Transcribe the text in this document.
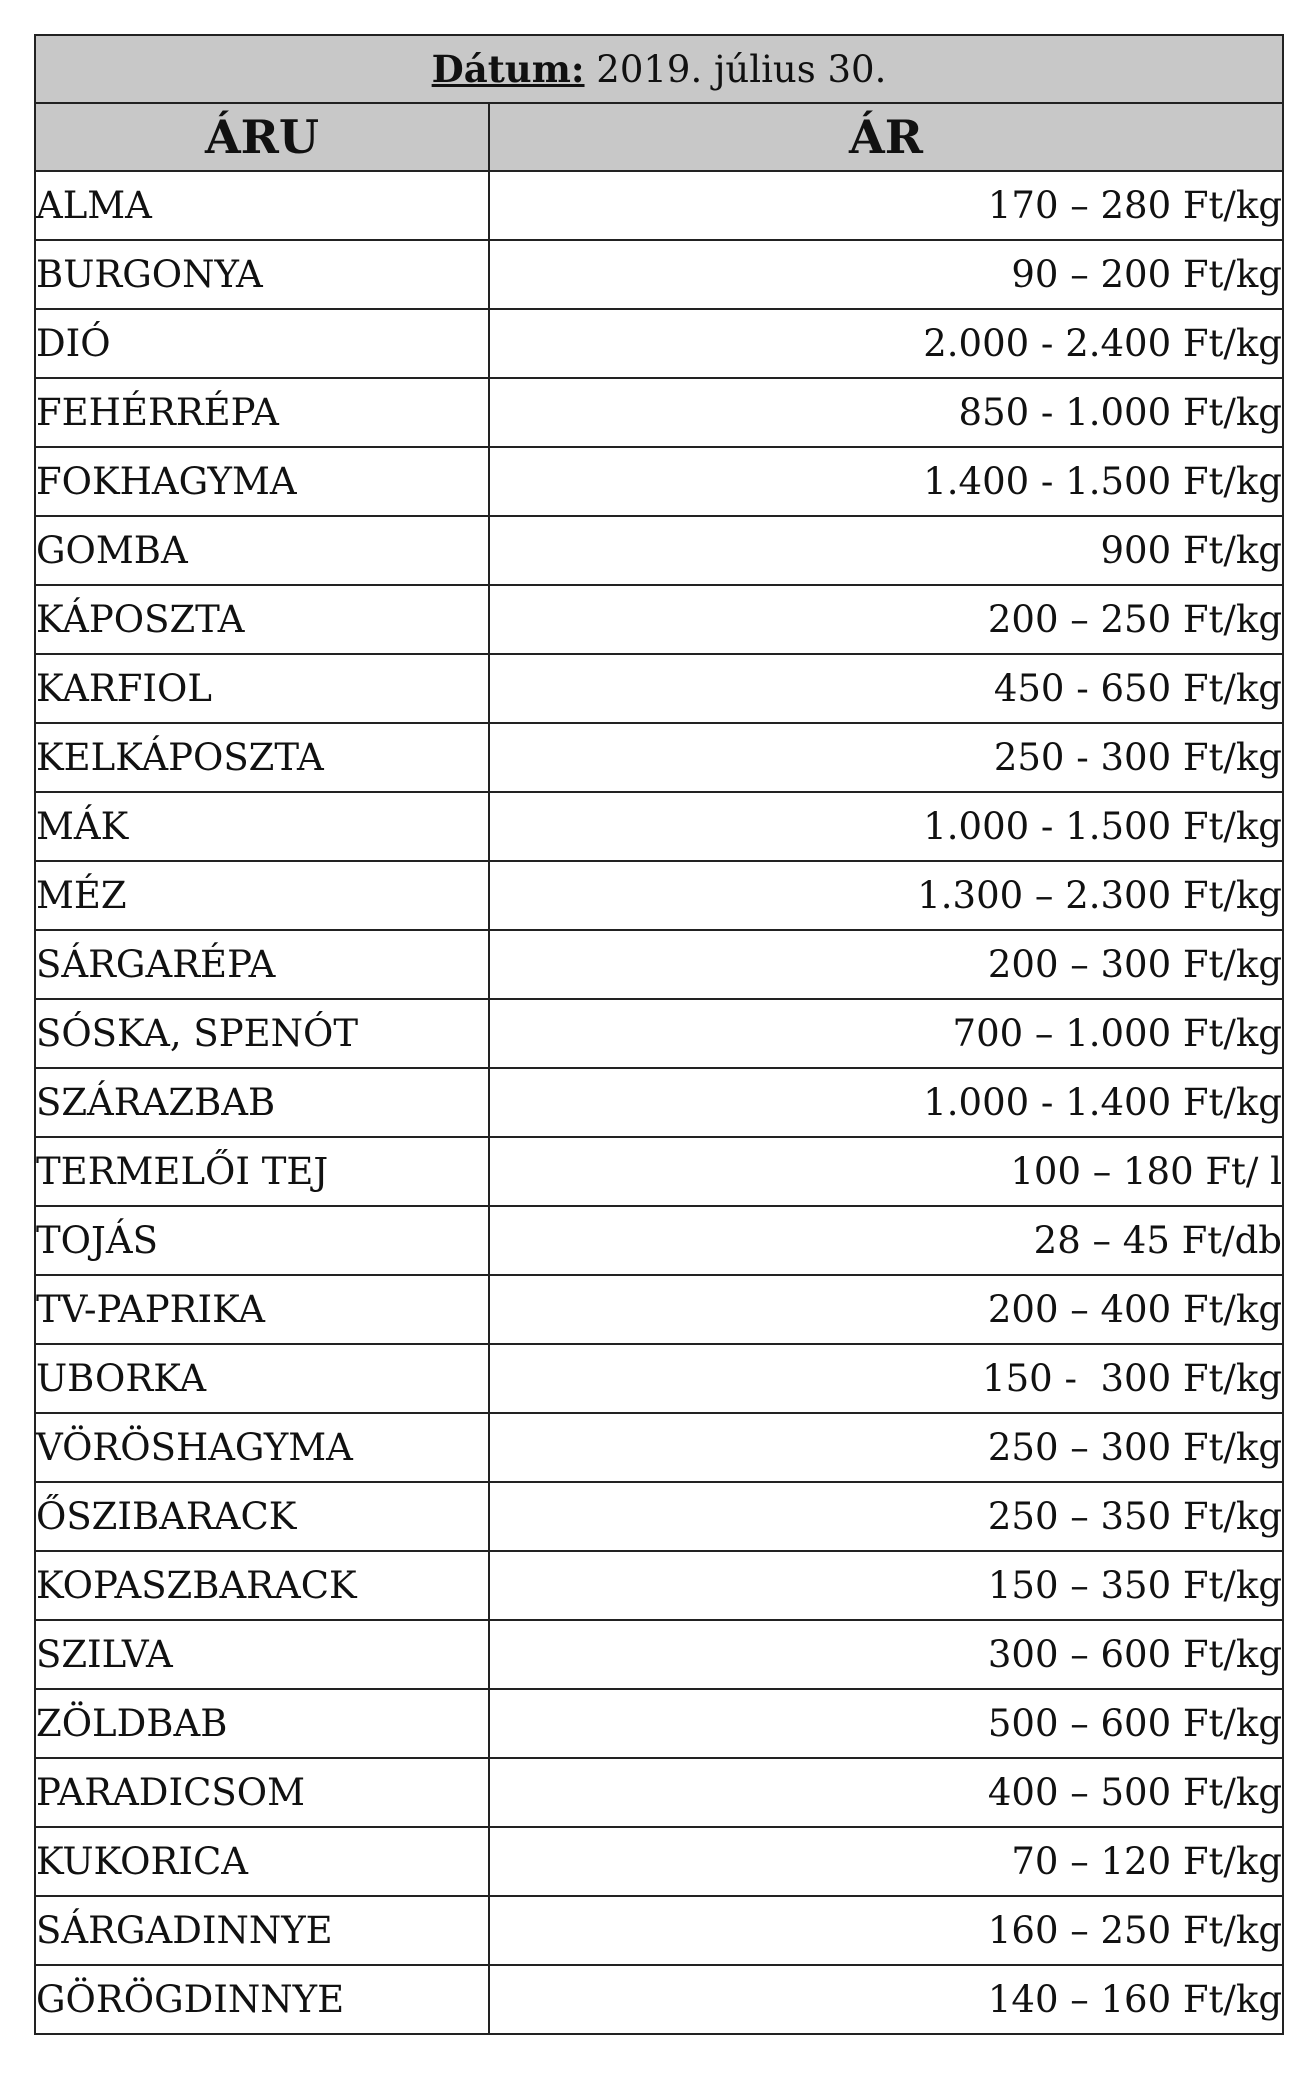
Dátum: 2019. július 30.	
ÁRU	ÁR
ALMA	170 – 280 Ft/kg
BURGONYA	90 – 200 Ft/kg
DIÓ	2.000 - 2.400 Ft/kg
FEHÉRRÉPA	850 - 1.000 Ft/kg
FOKHAGYMA	1.400 - 1.500 Ft/kg
GOMBA	900 Ft/kg
KÁPOSZTA	200 – 250 Ft/kg
KARFIOL	450 - 650 Ft/kg
KELKÁPOSZTA	250 - 300 Ft/kg
MÁK	1.000 - 1.500 Ft/kg
MÉZ	1.300 – 2.300 Ft/kg
SÁRGARÉPA	200 – 300 Ft/kg
SÓSKA, SPENÓT	700 – 1.000 Ft/kg
SZÁRAZBAB	1.000 - 1.400 Ft/kg
TERMELŐI TEJ	100 – 180 Ft/ l
TOJÁS	28 – 45 Ft/db
TV-PAPRIKA	200 – 400 Ft/kg
UBORKA	150 -  300 Ft/kg
VÖRÖSHAGYMA	250 – 300 Ft/kg
ŐSZIBARACK	250 – 350 Ft/kg
KOPASZBARACK	150 – 350 Ft/kg
SZILVA	300 – 600 Ft/kg
ZÖLDBAB	500 – 600 Ft/kg
PARADICSOM	400 – 500 Ft/kg
KUKORICA	70 – 120 Ft/kg
SÁRGADINNYE	160 – 250 Ft/kg
GÖRÖGDINNYE	140 – 160 Ft/kg
